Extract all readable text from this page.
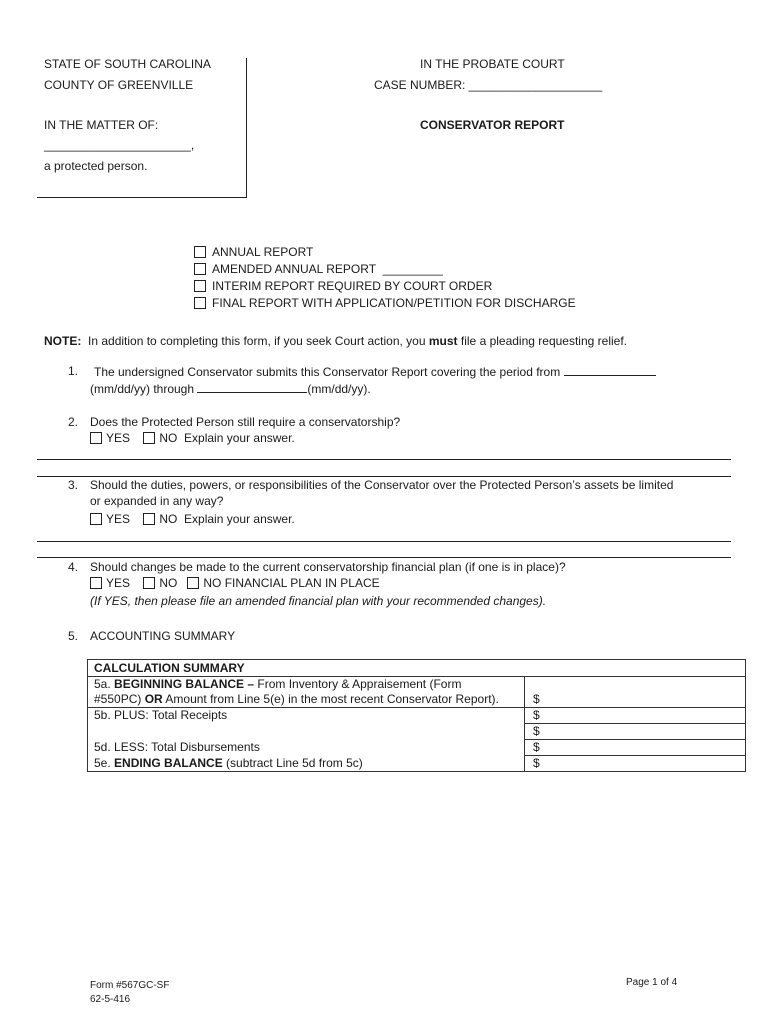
STATE OF SOUTH CAROLINA
COUNTY OF GREENVILLE
IN THE MATTER OF:
______________________,
a protected person.
IN THE PROBATE COURT
CASE NUMBER: ____________________
CONSERVATOR REPORT
ANNUAL REPORT
AMENDED ANNUAL REPORT _________
INTERIM REPORT REQUIRED BY COURT ORDER
FINAL REPORT WITH APPLICATION/PETITION FOR DISCHARGE
NOTE: In addition to completing this form, if you seek Court action, you must file a pleading requesting relief.
1. The undersigned Conservator submits this Conservator Report covering the period from
(mm/dd/yy) through	(mm/dd/yy).
2. Does the Protected Person still require a conservatorship?
YES NO Explain your answer.
3. Should the duties, powers, or responsibilities of the Conservator over the Protected Person’s assets be limited
or expanded in any way?
YES NO Explain your answer.
4. Should changes be made to the current conservatorship financial plan (if one is in place)?
YES NO NO FINANCIAL PLAN IN PLACE
(If YES, then please file an amended financial plan with your recommended changes).
5. ACCOUNTING SUMMARY
CALCULATION SUMMARY	
5a. BEGINNING BALANCE – From Inventory & Appraisement (Form
#550PC) OR Amount from Line 5(e) in the most recent Conservator Report).	$
5b. PLUS: Total Receipts	$
	$
5d. LESS: Total Disbursements	$
5e. ENDING BALANCE (subtract Line 5d from 5c)	$
Form #567GC-SF
62-5-416
Page 1 of 4
